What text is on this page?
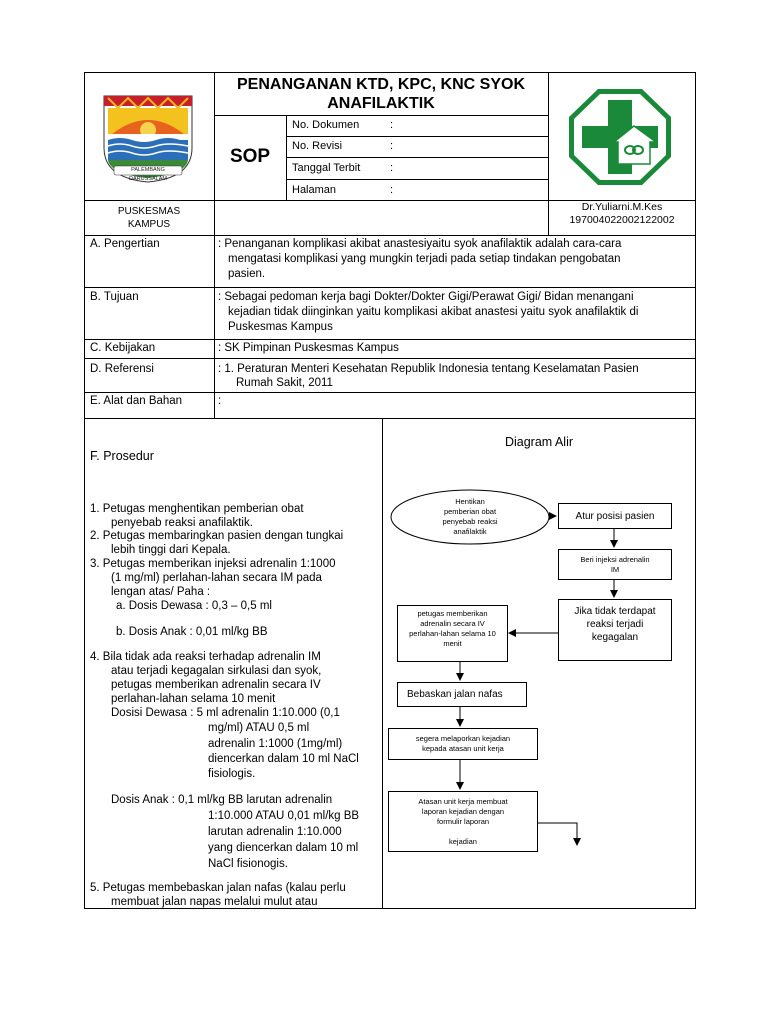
PALEMBANG DARUSSALAM
PENANGANAN KTD, KPC, KNC SYOK
ANAFILAKTIK
SOP
No. Dokumen	:
No. Revisi	:
Tanggal Terbit	:
Halaman	:
PUSKESMAS
KAMPUS
Dr.Yuliarni.M.Kes
197004022002122002
A. Pengertian	: Penanganan komplikasi akibat anastesiyaitu syok anafilaktik adalah cara-cara
mengatasi komplikasi yang mungkin terjadi pada setiap tindakan pengobatan
pasien.
B. Tujuan	: Sebagai pedoman kerja bagi Dokter/Dokter Gigi/Perawat Gigi/ Bidan menangani
kejadian tidak diinginkan yaitu komplikasi akibat anastesi yaitu syok anafilaktik di
Puskesmas Kampus
C. Kebijakan	: SK Pimpinan Puskesmas Kampus
D. Referensi	: 1. Peraturan Menteri Kesehatan Republik Indonesia tentang Keselamatan Pasien
Rumah Sakit, 2011
E. Alat dan Bahan	:
F. Prosedur
1. Petugas menghentikan pemberian obat
penyebab reaksi anafilaktik.
2. Petugas membaringkan pasien dengan tungkai
lebih tinggi dari Kepala.
3. Petugas memberikan injeksi adrenalin 1:1000
(1 mg/ml) perlahan-lahan secara IM pada
lengan atas/ Paha :
a. Dosis Dewasa : 0,3 – 0,5 ml
b. Dosis Anak : 0,01 ml/kg BB
4. Bila tidak ada reaksi terhadap adrenalin IM
atau terjadi kegagalan sirkulasi dan syok,
petugas memberikan adrenalin secara IV
perlahan-lahan selama 10 menit
Dosisi Dewasa : 5 ml adrenalin 1:10.000 (0,1
mg/ml) ATAU 0,5 ml
adrenalin 1:1000 (1mg/ml)
diencerkan dalam 10 ml NaCl
fisiologis.
Dosis Anak : 0,1 ml/kg BB larutan adrenalin
1:10.000 ATAU 0,01 ml/kg BB
larutan adrenalin 1:10.000
yang diencerkan dalam 10 ml
NaCl fisionogis.
5. Petugas membebaskan jalan nafas (kalau perlu
membuat jalan napas melalui mulut atau
Diagram Alir
Hentikan
pemberian obat
penyebab reaksi
anafilaktik
Atur posisi pasien
Beri injeksi adrenalin
IM
Jika tidak terdapat
reaksi terjadi
kegagalan
petugas memberikan
adrenalin secara IV
perlahan-lahan selama 10
menit
Bebaskan jalan nafas
segera melaporkan kejadian
kepada atasan unit kerja
Atasan unit kerja membuat
laporan kejadian dengan
formulir laporan
kejadian
